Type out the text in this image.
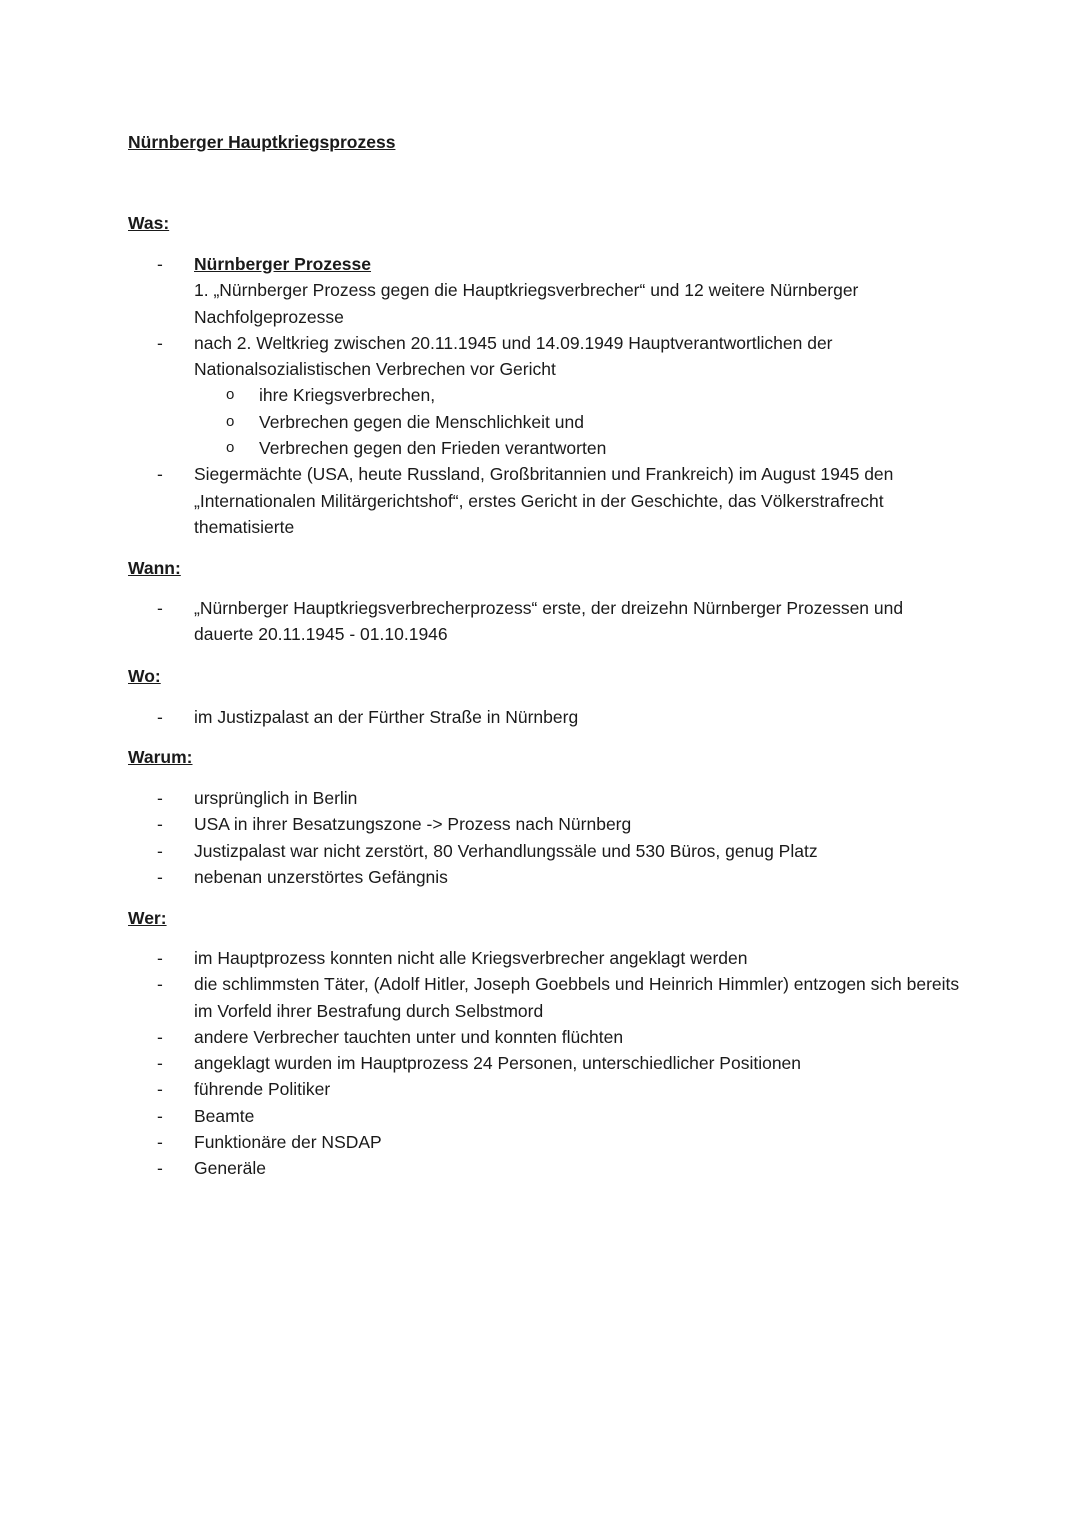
Nürnberger Hauptkriegsprozess
Was:
- Nürnberger Prozesse
1. „Nürnberger Prozess gegen die Hauptkriegsverbrecher“ und 12 weitere Nürnberger Nachfolgeprozesse
- nach 2. Weltkrieg zwischen 20.11.1945 und 14.09.1949 Hauptverantwortlichen der Nationalsozialistischen Verbrechen vor Gericht
o ihre Kriegsverbrechen,
o Verbrechen gegen die Menschlichkeit und
o Verbrechen gegen den Frieden verantworten
- Siegermächte (USA, heute Russland, Großbritannien und Frankreich) im August 1945 den „Internationalen Militärgerichtshof“, erstes Gericht in der Geschichte, das Völkerstrafrecht thematisierte
Wann:
- „Nürnberger Hauptkriegsverbrecherprozess“ erste, der dreizehn Nürnberger Prozessen und dauerte 20.11.1945 - 01.10.1946
Wo:
- im Justizpalast an der Fürther Straße in Nürnberg
Warum:
- ursprünglich in Berlin
- USA in ihrer Besatzungszone -> Prozess nach Nürnberg
- Justizpalast war nicht zerstört, 80 Verhandlungssäle und 530 Büros, genug Platz
- nebenan unzerstörtes Gefängnis
Wer:
- im Hauptprozess konnten nicht alle Kriegsverbrecher angeklagt werden
- die schlimmsten Täter, (Adolf Hitler, Joseph Goebbels und Heinrich Himmler) entzogen sich bereits im Vorfeld ihrer Bestrafung durch Selbstmord
- andere Verbrecher tauchten unter und konnten flüchten
- angeklagt wurden im Hauptprozess 24 Personen, unterschiedlicher Positionen
- führende Politiker
- Beamte
- Funktionäre der NSDAP
- Generäle
